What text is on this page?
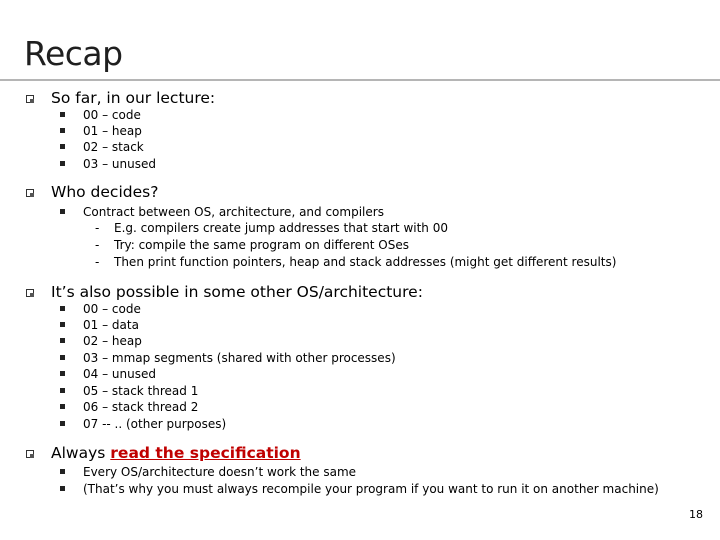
Recap
So far, in our lecture:
00 – code
01 – heap
02 – stack
03 – unused
Who decides?
Contract between OS, architecture, and compilers
- E.g. compilers create jump addresses that start with 00
- Try: compile the same program on different OSes
- Then print function pointers, heap and stack addresses (might get different results)
It’s also possible in some other OS/architecture:
00 – code
01 – data
02 – heap
03 – mmap segments (shared with other processes)
04 – unused
05 – stack thread 1
06 – stack thread 2
07 -- .. (other purposes)
Always read the specification
Every OS/architecture doesn’t work the same
(That’s why you must always recompile your program if you want to run it on another machine)
18
